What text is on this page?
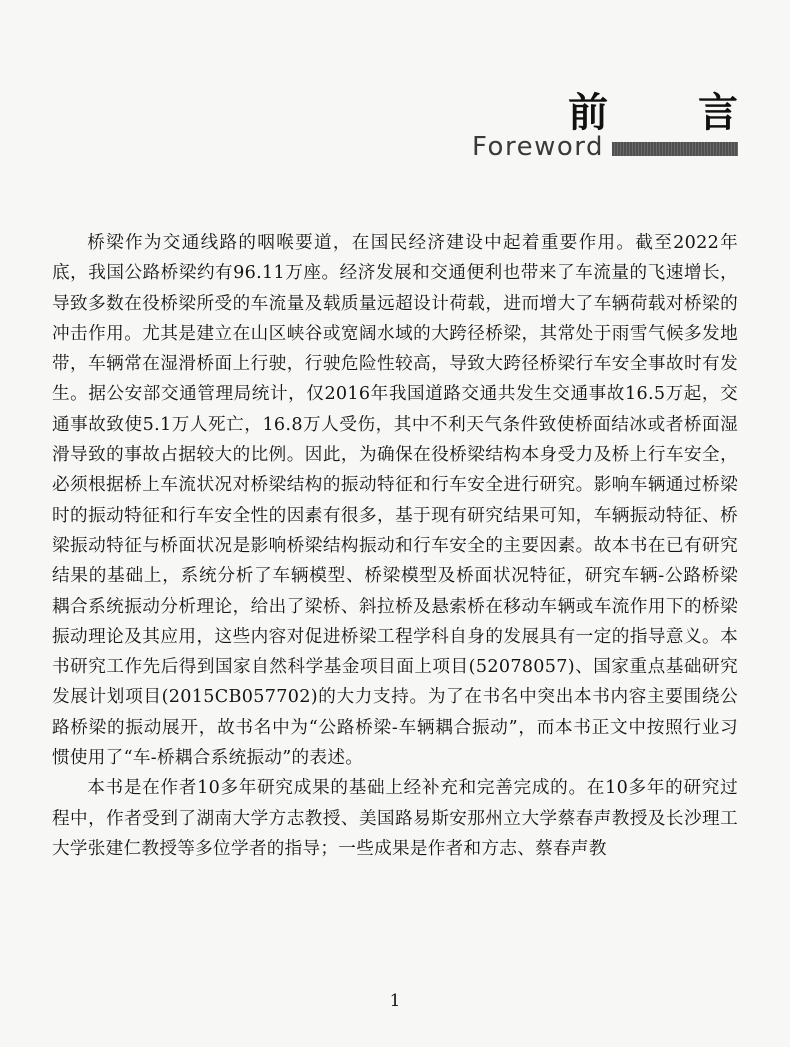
前 言
Foreword

桥梁作为交通线路的咽喉要道，在国民经济建设中起着重要作用。截至2022年底，我国公路桥梁约有96.11万座。经济发展和交通便利也带来了车流量的飞速增长，导致多数在役桥梁所受的车流量及载质量远超设计荷载，进而增大了车辆荷载对桥梁的冲击作用。尤其是建立在山区峡谷或宽阔水域的大跨径桥梁，其常处于雨雪气候多发地带，车辆常在湿滑桥面上行驶，行驶危险性较高，导致大跨径桥梁行车安全事故时有发生。据公安部交通管理局统计，仅2016年我国道路交通共发生交通事故16.5万起，交通事故致使5.1万人死亡，16.8万人受伤，其中不利天气条件致使桥面结冰或者桥面湿滑导致的事故占据较大的比例。因此，为确保在役桥梁结构本身受力及桥上行车安全，必须根据桥上车流状况对桥梁结构的振动特征和行车安全进行研究。影响车辆通过桥梁时的振动特征和行车安全性的因素有很多，基于现有研究结果可知，车辆振动特征、桥梁振动特征与桥面状况是影响桥梁结构振动和行车安全的主要因素。故本书在已有研究结果的基础上，系统分析了车辆模型、桥梁模型及桥面状况特征，研究车辆-公路桥梁耦合系统振动分析理论，给出了梁桥、斜拉桥及悬索桥在移动车辆或车流作用下的桥梁振动理论及其应用，这些内容对促进桥梁工程学科自身的发展具有一定的指导意义。本书研究工作先后得到国家自然科学基金项目面上项目(52078057)、国家重点基础研究发展计划项目(2015CB057702)的大力支持。为了在书名中突出本书内容主要围绕公路桥梁的振动展开，故书名中为“公路桥梁-车辆耦合振动”，而本书正文中按照行业习惯使用了“车-桥耦合系统振动”的表述。

本书是在作者10多年研究成果的基础上经补充和完善完成的。在10多年的研究过程中，作者受到了湖南大学方志教授、美国路易斯安那州立大学蔡春声教授及长沙理工大学张建仁教授等多位学者的指导；一些成果是作者和方志、蔡春声教

1
